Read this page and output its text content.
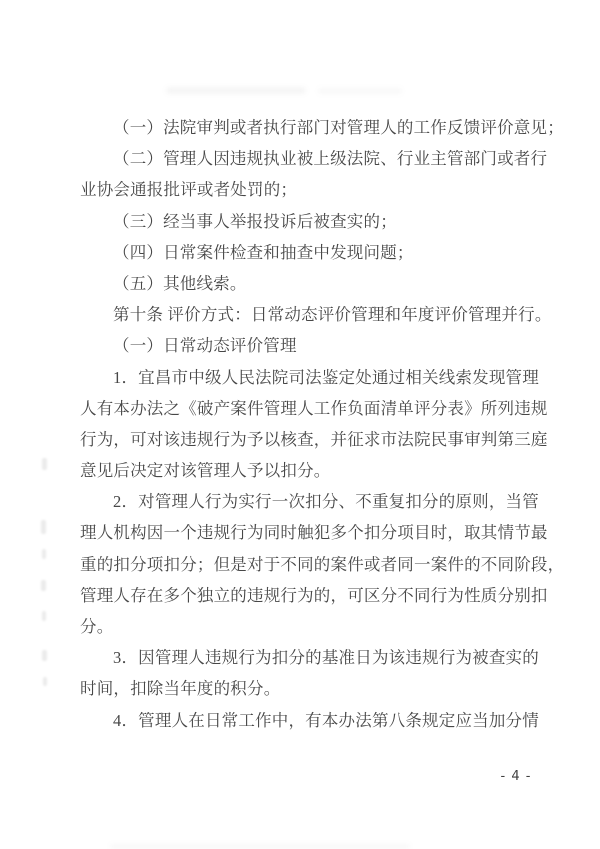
（一）法院审判或者执行部门对管理人的工作反馈评价意见；
（二）管理人因违规执业被上级法院、行业主管部门或者行
业协会通报批评或者处罚的；
（三）经当事人举报投诉后被查实的；
（四）日常案件检查和抽查中发现问题；
（五）其他线索。
第十条 评价方式：日常动态评价管理和年度评价管理并行。
（一）日常动态评价管理
1．宜昌市中级人民法院司法鉴定处通过相关线索发现管理
人有本办法之《破产案件管理人工作负面清单评分表》所列违规
行为，可对该违规行为予以核查，并征求市法院民事审判第三庭
意见后决定对该管理人予以扣分。
2．对管理人行为实行一次扣分、不重复扣分的原则，当管
理人机构因一个违规行为同时触犯多个扣分项目时，取其情节最
重的扣分项扣分；但是对于不同的案件或者同一案件的不同阶段，
管理人存在多个独立的违规行为的，可区分不同行为性质分别扣
分。
3．因管理人违规行为扣分的基准日为该违规行为被查实的
时间，扣除当年度的积分。
4．管理人在日常工作中，有本办法第八条规定应当加分情
- 4 -
